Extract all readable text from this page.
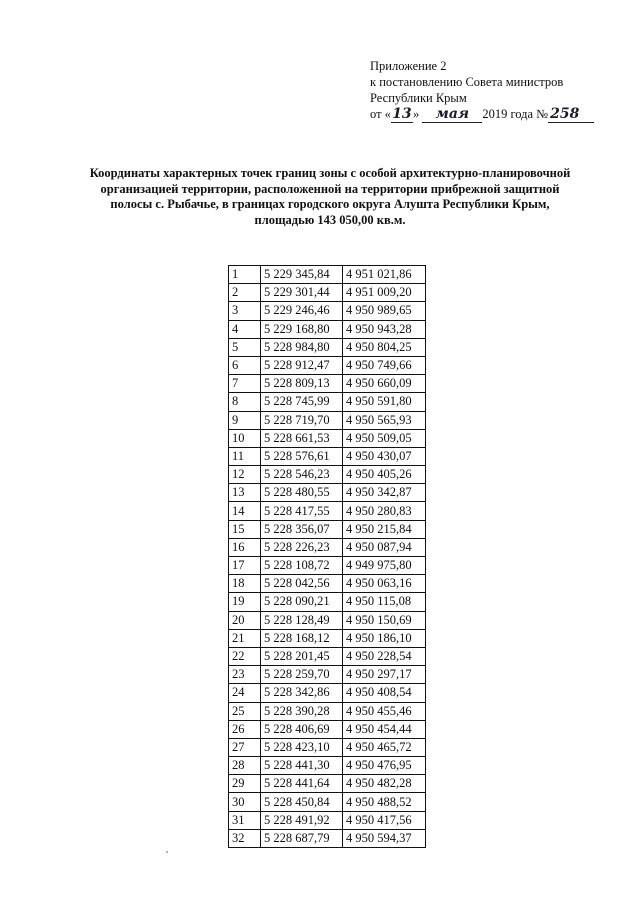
Приложение 2
к постановлению Совета министров
Республики Крым
от «13» мая 2019 года № 258
Координаты характерных точек границ зоны с особой архитектурно-планировочной
организацией территории, расположенной на территории прибрежной защитной
полосы с. Рыбачье, в границах городского округа Алушта Республики Крым,
площадью 143 050,00 кв.м.
1	5 229 345,84	4 951 021,86
2	5 229 301,44	4 951 009,20
3	5 229 246,46	4 950 989,65
4	5 229 168,80	4 950 943,28
5	5 228 984,80	4 950 804,25
6	5 228 912,47	4 950 749,66
7	5 228 809,13	4 950 660,09
8	5 228 745,99	4 950 591,80
9	5 228 719,70	4 950 565,93
10	5 228 661,53	4 950 509,05
11	5 228 576,61	4 950 430,07
12	5 228 546,23	4 950 405,26
13	5 228 480,55	4 950 342,87
14	5 228 417,55	4 950 280,83
15	5 228 356,07	4 950 215,84
16	5 228 226,23	4 950 087,94
17	5 228 108,72	4 949 975,80
18	5 228 042,56	4 950 063,16
19	5 228 090,21	4 950 115,08
20	5 228 128,49	4 950 150,69
21	5 228 168,12	4 950 186,10
22	5 228 201,45	4 950 228,54
23	5 228 259,70	4 950 297,17
24	5 228 342,86	4 950 408,54
25	5 228 390,28	4 950 455,46
26	5 228 406,69	4 950 454,44
27	5 228 423,10	4 950 465,72
28	5 228 441,30	4 950 476,95
29	5 228 441,64	4 950 482,28
30	5 228 450,84	4 950 488,52
31	5 228 491,92	4 950 417,56
32	5 228 687,79	4 950 594,37
